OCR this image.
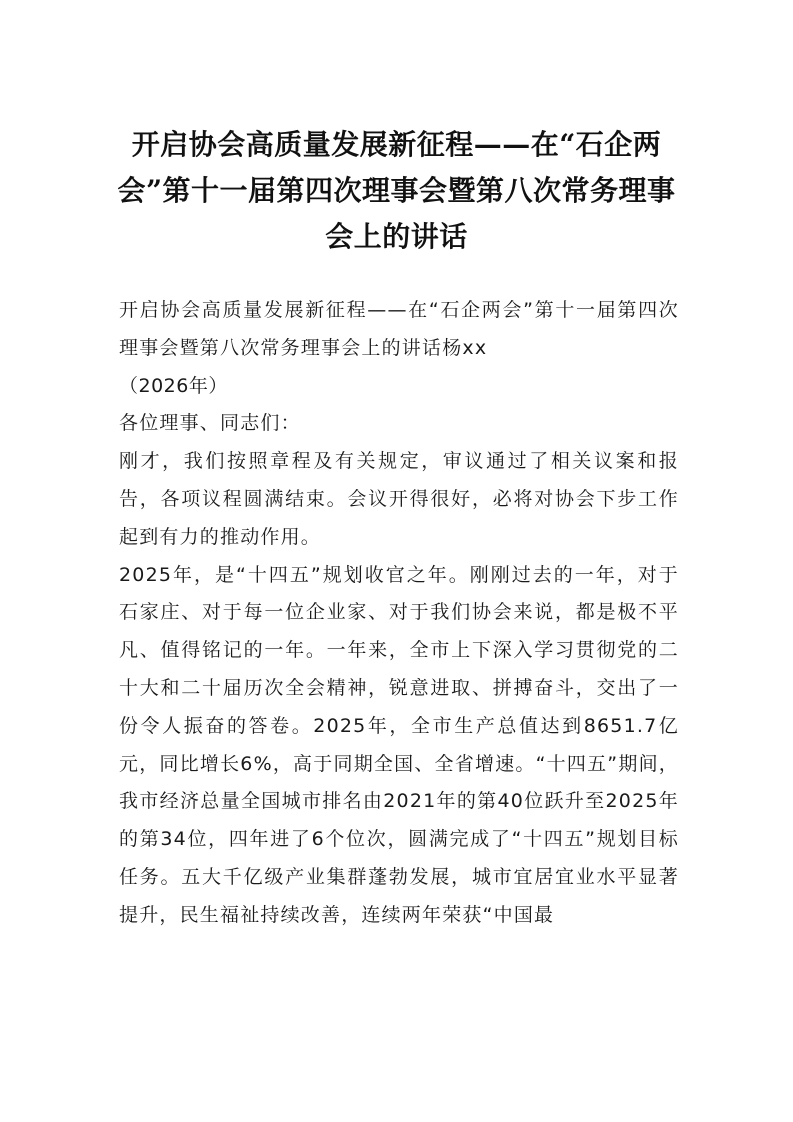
开启协会高质量发展新征程——在“石企两会”第十一届第四次理事会暨第八次常务理事会上的讲话

开启协会高质量发展新征程——在“石企两会”第十一届第四次理事会暨第八次常务理事会上的讲话杨xx

（2026年）

各位理事、同志们：

刚才，我们按照章程及有关规定，审议通过了相关议案和报告，各项议程圆满结束。会议开得很好，必将对协会下步工作起到有力的推动作用。

2025年，是“十四五”规划收官之年。刚刚过去的一年，对于石家庄、对于每一位企业家、对于我们协会来说，都是极不平凡、值得铭记的一年。一年来，全市上下深入学习贯彻党的二十大和二十届历次全会精神，锐意进取、拼搏奋斗，交出了一份令人振奋的答卷。2025年，全市生产总值达到8651.7亿元，同比增长6%，高于同期全国、全省增速。“十四五”期间，我市经济总量全国城市排名由2021年的第40位跃升至2025年的第34位，四年进了6个位次，圆满完成了“十四五”规划目标任务。五大千亿级产业集群蓬勃发展，城市宜居宜业水平显著提升，民生福祉持续改善，连续两年荣获“中国最
